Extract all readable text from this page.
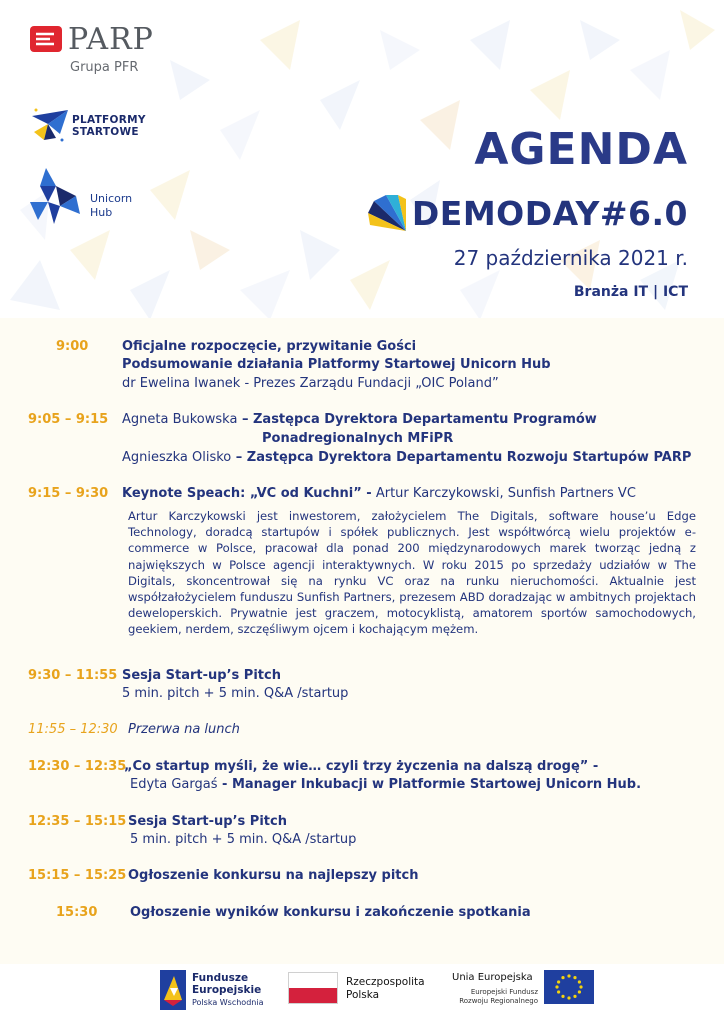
PARP
Grupa PFR
PLATFORMY
STARTOWE
Unicorn
Hub
AGENDA
DEMODAY#6.0
27 października 2021 r.
Branża IT | ICT
9:00	Oficjalne rozpoczęcie, przywitanie Gości
Podsumowanie działania Platformy Startowej Unicorn Hub
dr Ewelina Iwanek - Prezes Zarządu Fundacji „OIC Poland”
9:05 – 9:15 Agneta Bukowska – Zastępca Dyrektora Departamentu Programów
Ponadregionalnych MFiPR
Agnieszka Olisko – Zastępca Dyrektora Departamentu Rozwoju Startupów PARP
9:15 – 9:30 Keynote Speach: „VC od Kuchni” - Artur Karczykowski, Sunfish Partners VC
Artur Karczykowski jest inwestorem, założycielem The Digitals, software house’u Edge Technology, doradcą startupów i spółek publicznych. Jest współtwórcą wielu projektów e-commerce w Polsce, pracował dla ponad 200 międzynarodowych marek tworząc jedną z największych w Polsce agencji interaktywnych. W roku 2015 po sprzedaży udziałów w The Digitals, skoncentrował się na rynku VC oraz na runku nieruchomości. Aktualnie jest współzałożycielem funduszu Sunfish Partners, prezesem ABD doradzając w ambitnych projektach deweloperskich. Prywatnie jest graczem, motocyklistą, amatorem sportów samochodowych, geekiem, nerdem, szczęśliwym ojcem i kochającym mężem.
9:30 – 11:55 Sesja Start-up’s Pitch
5 min. pitch + 5 min. Q&A /startup
11:55 – 12:30 Przerwa na lunch
12:30 – 12:35
„Co startup myśli, że wie… czyli trzy życzenia na dalszą drogę” -
Edyta Gargaś - Manager Inkubacji w Platformie Startowej Unicorn Hub.
12:35 – 15:15 Sesja Start-up’s Pitch
5 min. pitch + 5 min. Q&A /startup
15:15 – 15:25 Ogłoszenie konkursu na najlepszy pitch
15:30	Ogłoszenie wyników konkursu i zakończenie spotkania
Fundusze
Europejskie
Polska Wschodnia
Rzeczpospolita
Polska
Unia Europejska
Europejski Fundusz
Rozwoju Regionalnego
